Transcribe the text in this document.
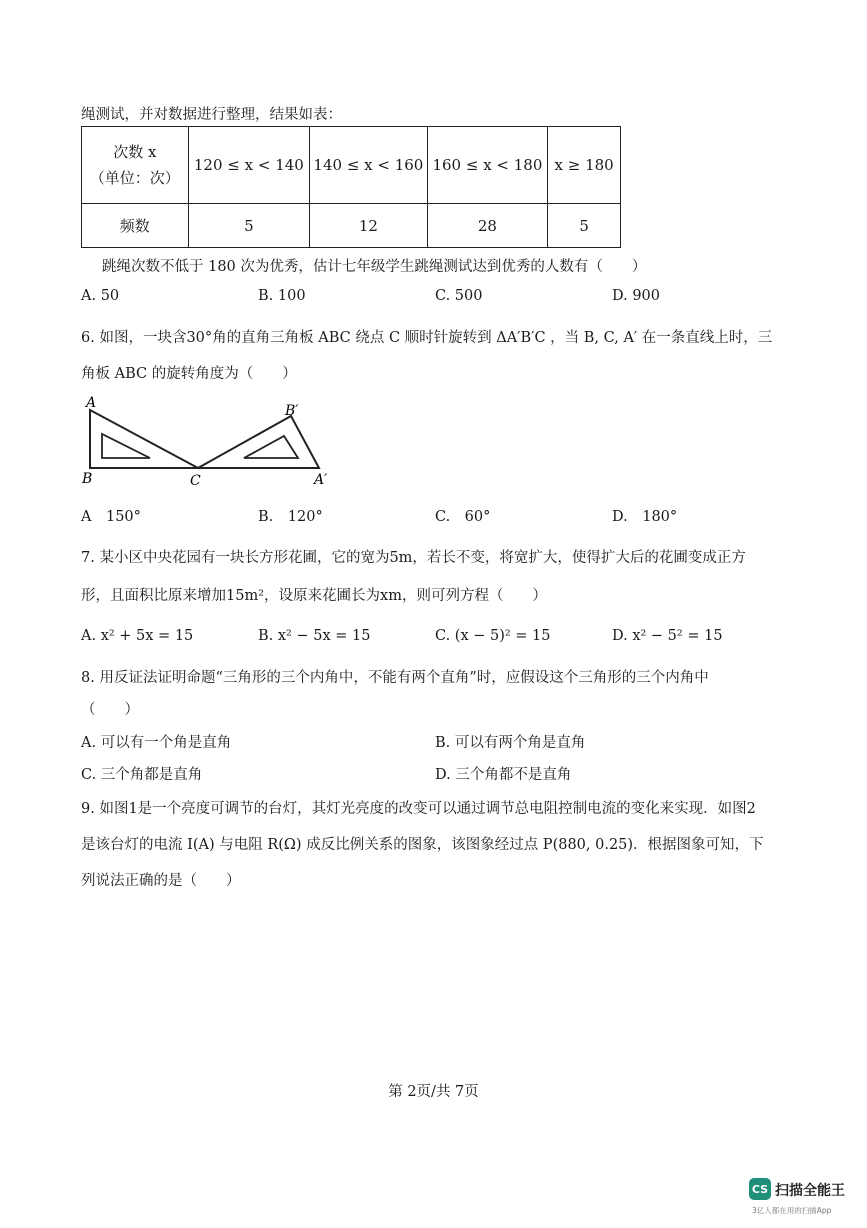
绳测试，并对数据进行整理，结果如表：
次数 x
（单位：次）	120 ≤ x < 140	140 ≤ x < 160	160 ≤ x < 180	x ≥ 180
频数	5	12	28	5
跳绳次数不低于 180 次为优秀，估计七年级学生跳绳测试达到优秀的人数有（　　）
A. 50	B. 100	C. 500	D. 900
6. 如图，一块含30°角的直角三角板 ABC 绕点 C 顺时针旋转到 ΔA′B′C ，当 B, C, A′ 在一条直线上时，三
角板 ABC 的旋转角度为（　　）
A
B	C
B′
A′
A　150°	B.　120°	C.　60°	D.　180°
7. 某小区中央花园有一块长方形花圃，它的宽为5m，若长不变，将宽扩大，使得扩大后的花圃变成正方
形，且面积比原来增加15m²，设原来花圃长为xm，则可列方程（　　）
A. x² + 5x = 15	B. x² − 5x = 15	C. (x − 5)² = 15	D. x² − 5² = 15
8. 用反证法证明命题“三角形的三个内角中，不能有两个直角”时，应假设这个三角形的三个内角中
（　　）
A. 可以有一个角是直角	B. 可以有两个角是直角
C. 三个角都是直角	D. 三个角都不是直角
9. 如图1是一个亮度可调节的台灯，其灯光亮度的改变可以通过调节总电阻控制电流的变化来实现．如图2
是该台灯的电流 I(A) 与电阻 R(Ω) 成反比例关系的图象，该图象经过点 P(880, 0.25)．根据图象可知，下
列说法正确的是（　　）
第 2页/共 7页
CS 扫描全能王
3亿人都在用的扫描App
